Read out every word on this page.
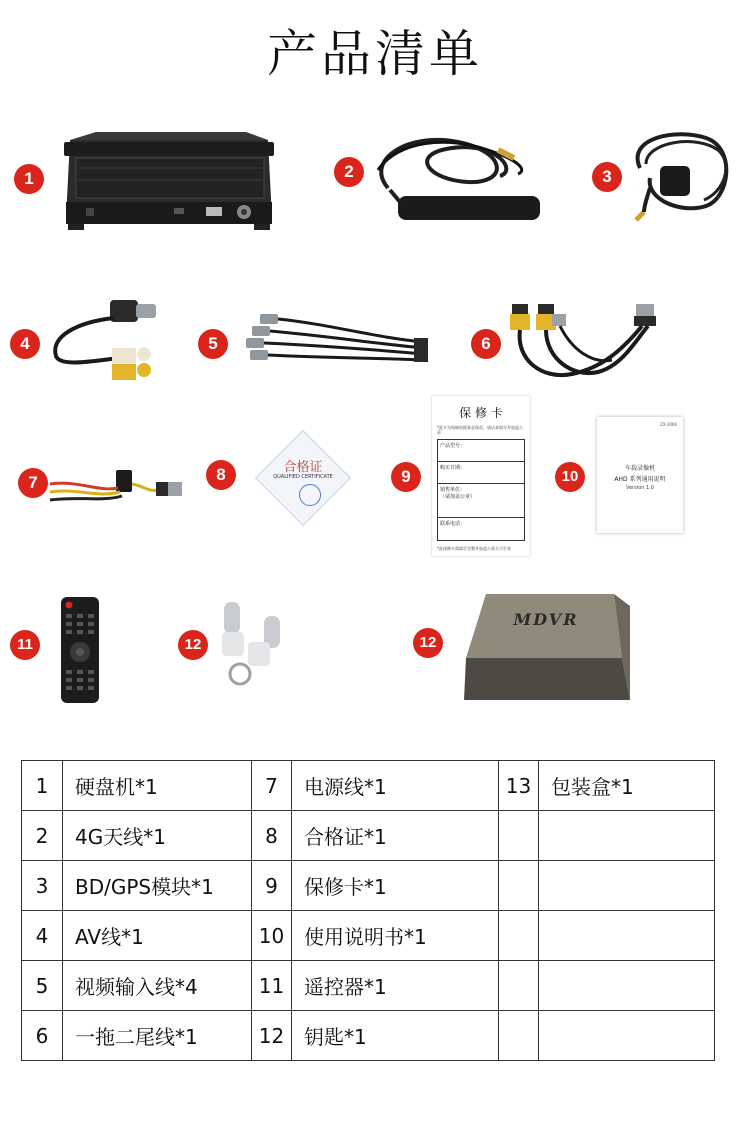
产品清单
1	2	3
4	5	6
7	8	9	10
11	12	12
合格证
QUALIFIED CERTIFICATE
保 修 卡
*此卡为保修依据务必保存，请认真填写并加盖公章
产品型号：
购买日期：
销售单位：
（请加盖公章）
联系电话：
*此保修卡需填写完整并加盖公章方可生效
ZX-2066
车载录像机
AHD 系列通用说明
Version 1.0
MDVR
1	硬盘机*1	7	电源线*1	13	包装盒*1
2	4G天线*1	8	合格证*1		
3	BD/GPS模块*1	9	保修卡*1		
4	AV线*1	10	使用说明书*1		
5	视频输入线*4	11	遥控器*1		
6	一拖二尾线*1	12	钥匙*1		
